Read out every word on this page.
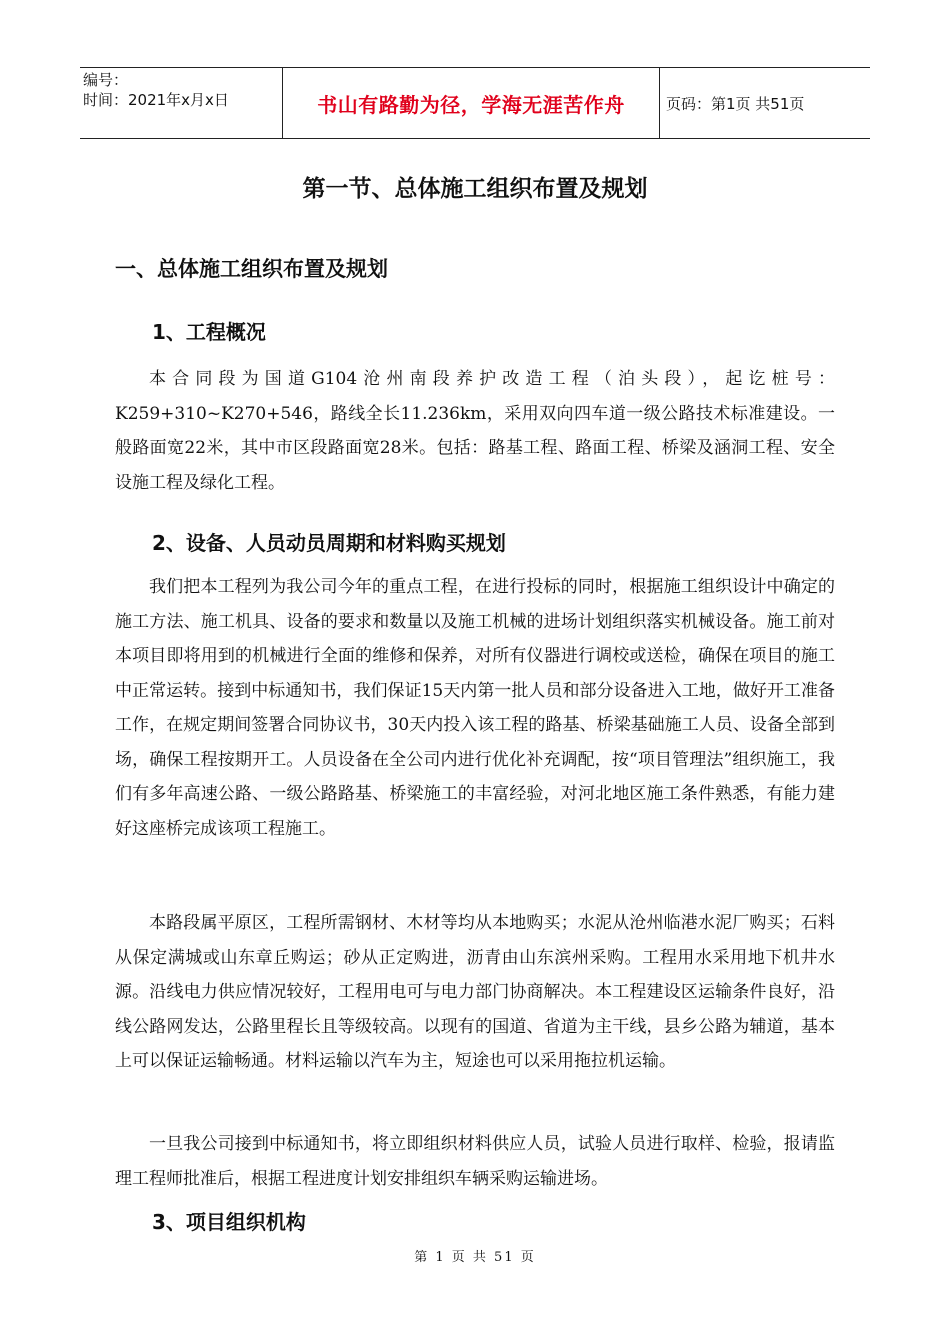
编号：
时间：2021年x月x日	书山有路勤为径，学海无涯苦作舟	页码：第1页 共51页
第一节、总体施工组织布置及规划
一、总体施工组织布置及规划
1、工程概况

本合同段为国道G104沧州南段养护改造工程（泊头段），起讫桩号：K259+310~K270+546，路线全长11.236km，采用双向四车道一级公路技术标准建设。一般路面宽22米，其中市区段路面宽28米。包括：路基工程、路面工程、桥梁及涵洞工程、安全设施工程及绿化工程。

2、设备、人员动员周期和材料购买规划

我们把本工程列为我公司今年的重点工程，在进行投标的同时，根据施工组织设计中确定的施工方法、施工机具、设备的要求和数量以及施工机械的进场计划组织落实机械设备。施工前对本项目即将用到的机械进行全面的维修和保养，对所有仪器进行调校或送检，确保在项目的施工中正常运转。接到中标通知书，我们保证15天内第一批人员和部分设备进入工地，做好开工准备工作，在规定期间签署合同协议书，30天内投入该工程的路基、桥梁基础施工人员、设备全部到场，确保工程按期开工。人员设备在全公司内进行优化补充调配，按“项目管理法”组织施工，我们有多年高速公路、一级公路路基、桥梁施工的丰富经验，对河北地区施工条件熟悉，有能力建好这座桥完成该项工程施工。

本路段属平原区，工程所需钢材、木材等均从本地购买；水泥从沧州临港水泥厂购买；石料从保定满城或山东章丘购运；砂从正定购进，沥青由山东滨州采购。工程用水采用地下机井水源。沿线电力供应情况较好，工程用电可与电力部门协商解决。本工程建设区运输条件良好，沿线公路网发达，公路里程长且等级较高。以现有的国道、省道为主干线，县乡公路为辅道，基本上可以保证运输畅通。材料运输以汽车为主，短途也可以采用拖拉机运输。

一旦我公司接到中标通知书，将立即组织材料供应人员，试验人员进行取样、检验，报请监理工程师批准后，根据工程进度计划安排组织车辆采购运输进场。

3、项目组织机构
第 1 页 共 51 页
